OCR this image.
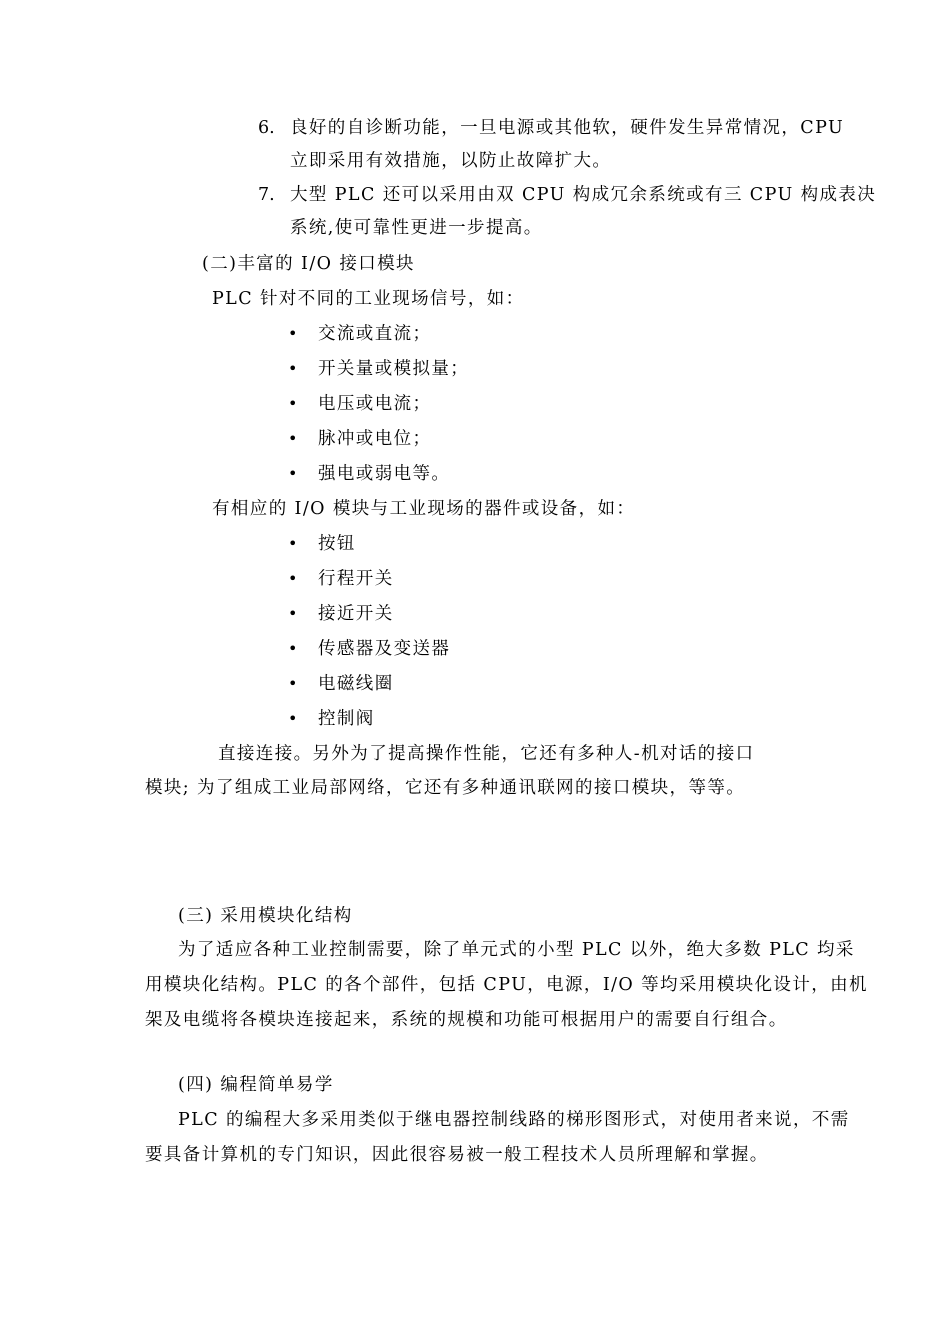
6. 良好的自诊断功能，一旦电源或其他软，硬件发生异常情况，CPU
立即采用有效措施，以防止故障扩大。
7. 大型 PLC 还可以采用由双 CPU 构成冗余系统或有三 CPU 构成表决
系统,使可靠性更进一步提高。
(二)丰富的 I/O 接口模块
PLC 针对不同的工业现场信号，如：
• 交流或直流；
• 开关量或模拟量；
• 电压或电流；
• 脉冲或电位；
• 强电或弱电等。
有相应的 I/O 模块与工业现场的器件或设备，如：
• 按钮
• 行程开关
• 接近开关
• 传感器及变送器
• 电磁线圈
• 控制阀
直接连接。另外为了提高操作性能，它还有多种人-机对话的接口
模块; 为了组成工业局部网络，它还有多种通讯联网的接口模块，等等。
(三) 采用模块化结构
为了适应各种工业控制需要，除了单元式的小型 PLC 以外，绝大多数 PLC 均采
用模块化结构。PLC 的各个部件，包括 CPU，电源，I/O 等均采用模块化设计，由机
架及电缆将各模块连接起来，系统的规模和功能可根据用户的需要自行组合。
(四) 编程简单易学
PLC 的编程大多采用类似于继电器控制线路的梯形图形式，对使用者来说，不需
要具备计算机的专门知识，因此很容易被一般工程技术人员所理解和掌握。
